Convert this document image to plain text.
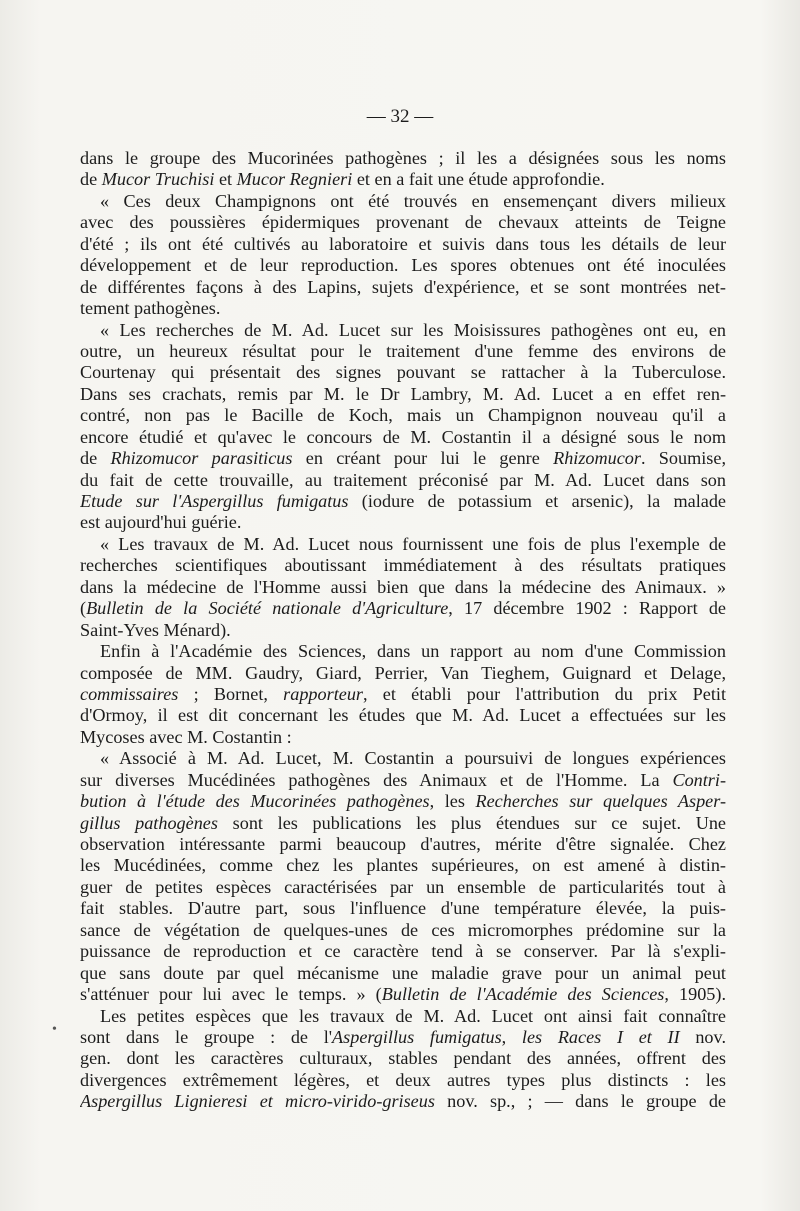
— 32 —
•
dans le groupe des Mucorinées pathogènes ; il les a désignées sous les noms
de Mucor Truchisi et Mucor Regnieri et en a fait une étude approfondie.
« Ces deux Champignons ont été trouvés en ensemençant divers milieux
avec des poussières épidermiques provenant de chevaux atteints de Teigne
d'été ; ils ont été cultivés au laboratoire et suivis dans tous les détails de leur
développement et de leur reproduction. Les spores obtenues ont été inoculées
de différentes façons à des Lapins, sujets d'expérience, et se sont montrées net-
tement pathogènes.
« Les recherches de M. Ad. Lucet sur les Moisissures pathogènes ont eu, en
outre, un heureux résultat pour le traitement d'une femme des environs de
Courtenay qui présentait des signes pouvant se rattacher à la Tuberculose.
Dans ses crachats, remis par M. le Dr Lambry, M. Ad. Lucet a en effet ren-
contré, non pas le Bacille de Koch, mais un Champignon nouveau qu'il a
encore étudié et qu'avec le concours de M. Costantin il a désigné sous le nom
de Rhizomucor parasiticus en créant pour lui le genre Rhizomucor. Soumise,
du fait de cette trouvaille, au traitement préconisé par M. Ad. Lucet dans son
Etude sur l'Aspergillus fumigatus (iodure de potassium et arsenic), la malade
est aujourd'hui guérie.
« Les travaux de M. Ad. Lucet nous fournissent une fois de plus l'exemple de
recherches scientifiques aboutissant immédiatement à des résultats pratiques
dans la médecine de l'Homme aussi bien que dans la médecine des Animaux. »
(Bulletin de la Société nationale d'Agriculture, 17 décembre 1902 : Rapport de
Saint-Yves Ménard).
Enfin à l'Académie des Sciences, dans un rapport au nom d'une Commission
composée de MM. Gaudry, Giard, Perrier, Van Tieghem, Guignard et Delage,
commissaires ; Bornet, rapporteur, et établi pour l'attribution du prix Petit
d'Ormoy, il est dit concernant les études que M. Ad. Lucet a effectuées sur les
Mycoses avec M. Costantin :
« Associé à M. Ad. Lucet, M. Costantin a poursuivi de longues expériences
sur diverses Mucédinées pathogènes des Animaux et de l'Homme. La Contri-
bution à l'étude des Mucorinées pathogènes, les Recherches sur quelques Asper-
gillus pathogènes sont les publications les plus étendues sur ce sujet. Une
observation intéressante parmi beaucoup d'autres, mérite d'être signalée. Chez
les Mucédinées, comme chez les plantes supérieures, on est amené à distin-
guer de petites espèces caractérisées par un ensemble de particularités tout à
fait stables. D'autre part, sous l'influence d'une température élevée, la puis-
sance de végétation de quelques-unes de ces micromorphes prédomine sur la
puissance de reproduction et ce caractère tend à se conserver. Par là s'expli-
que sans doute par quel mécanisme une maladie grave pour un animal peut
s'atténuer pour lui avec le temps. » (Bulletin de l'Académie des Sciences, 1905).
Les petites espèces que les travaux de M. Ad. Lucet ont ainsi fait connaître
sont dans le groupe : de l'Aspergillus fumigatus, les Races I et II nov.
gen. dont les caractères culturaux, stables pendant des années, offrent des
divergences extrêmement légères, et deux autres types plus distincts : les
Aspergillus Lignieresi et micro-virido-griseus nov. sp., ; — dans le groupe de
